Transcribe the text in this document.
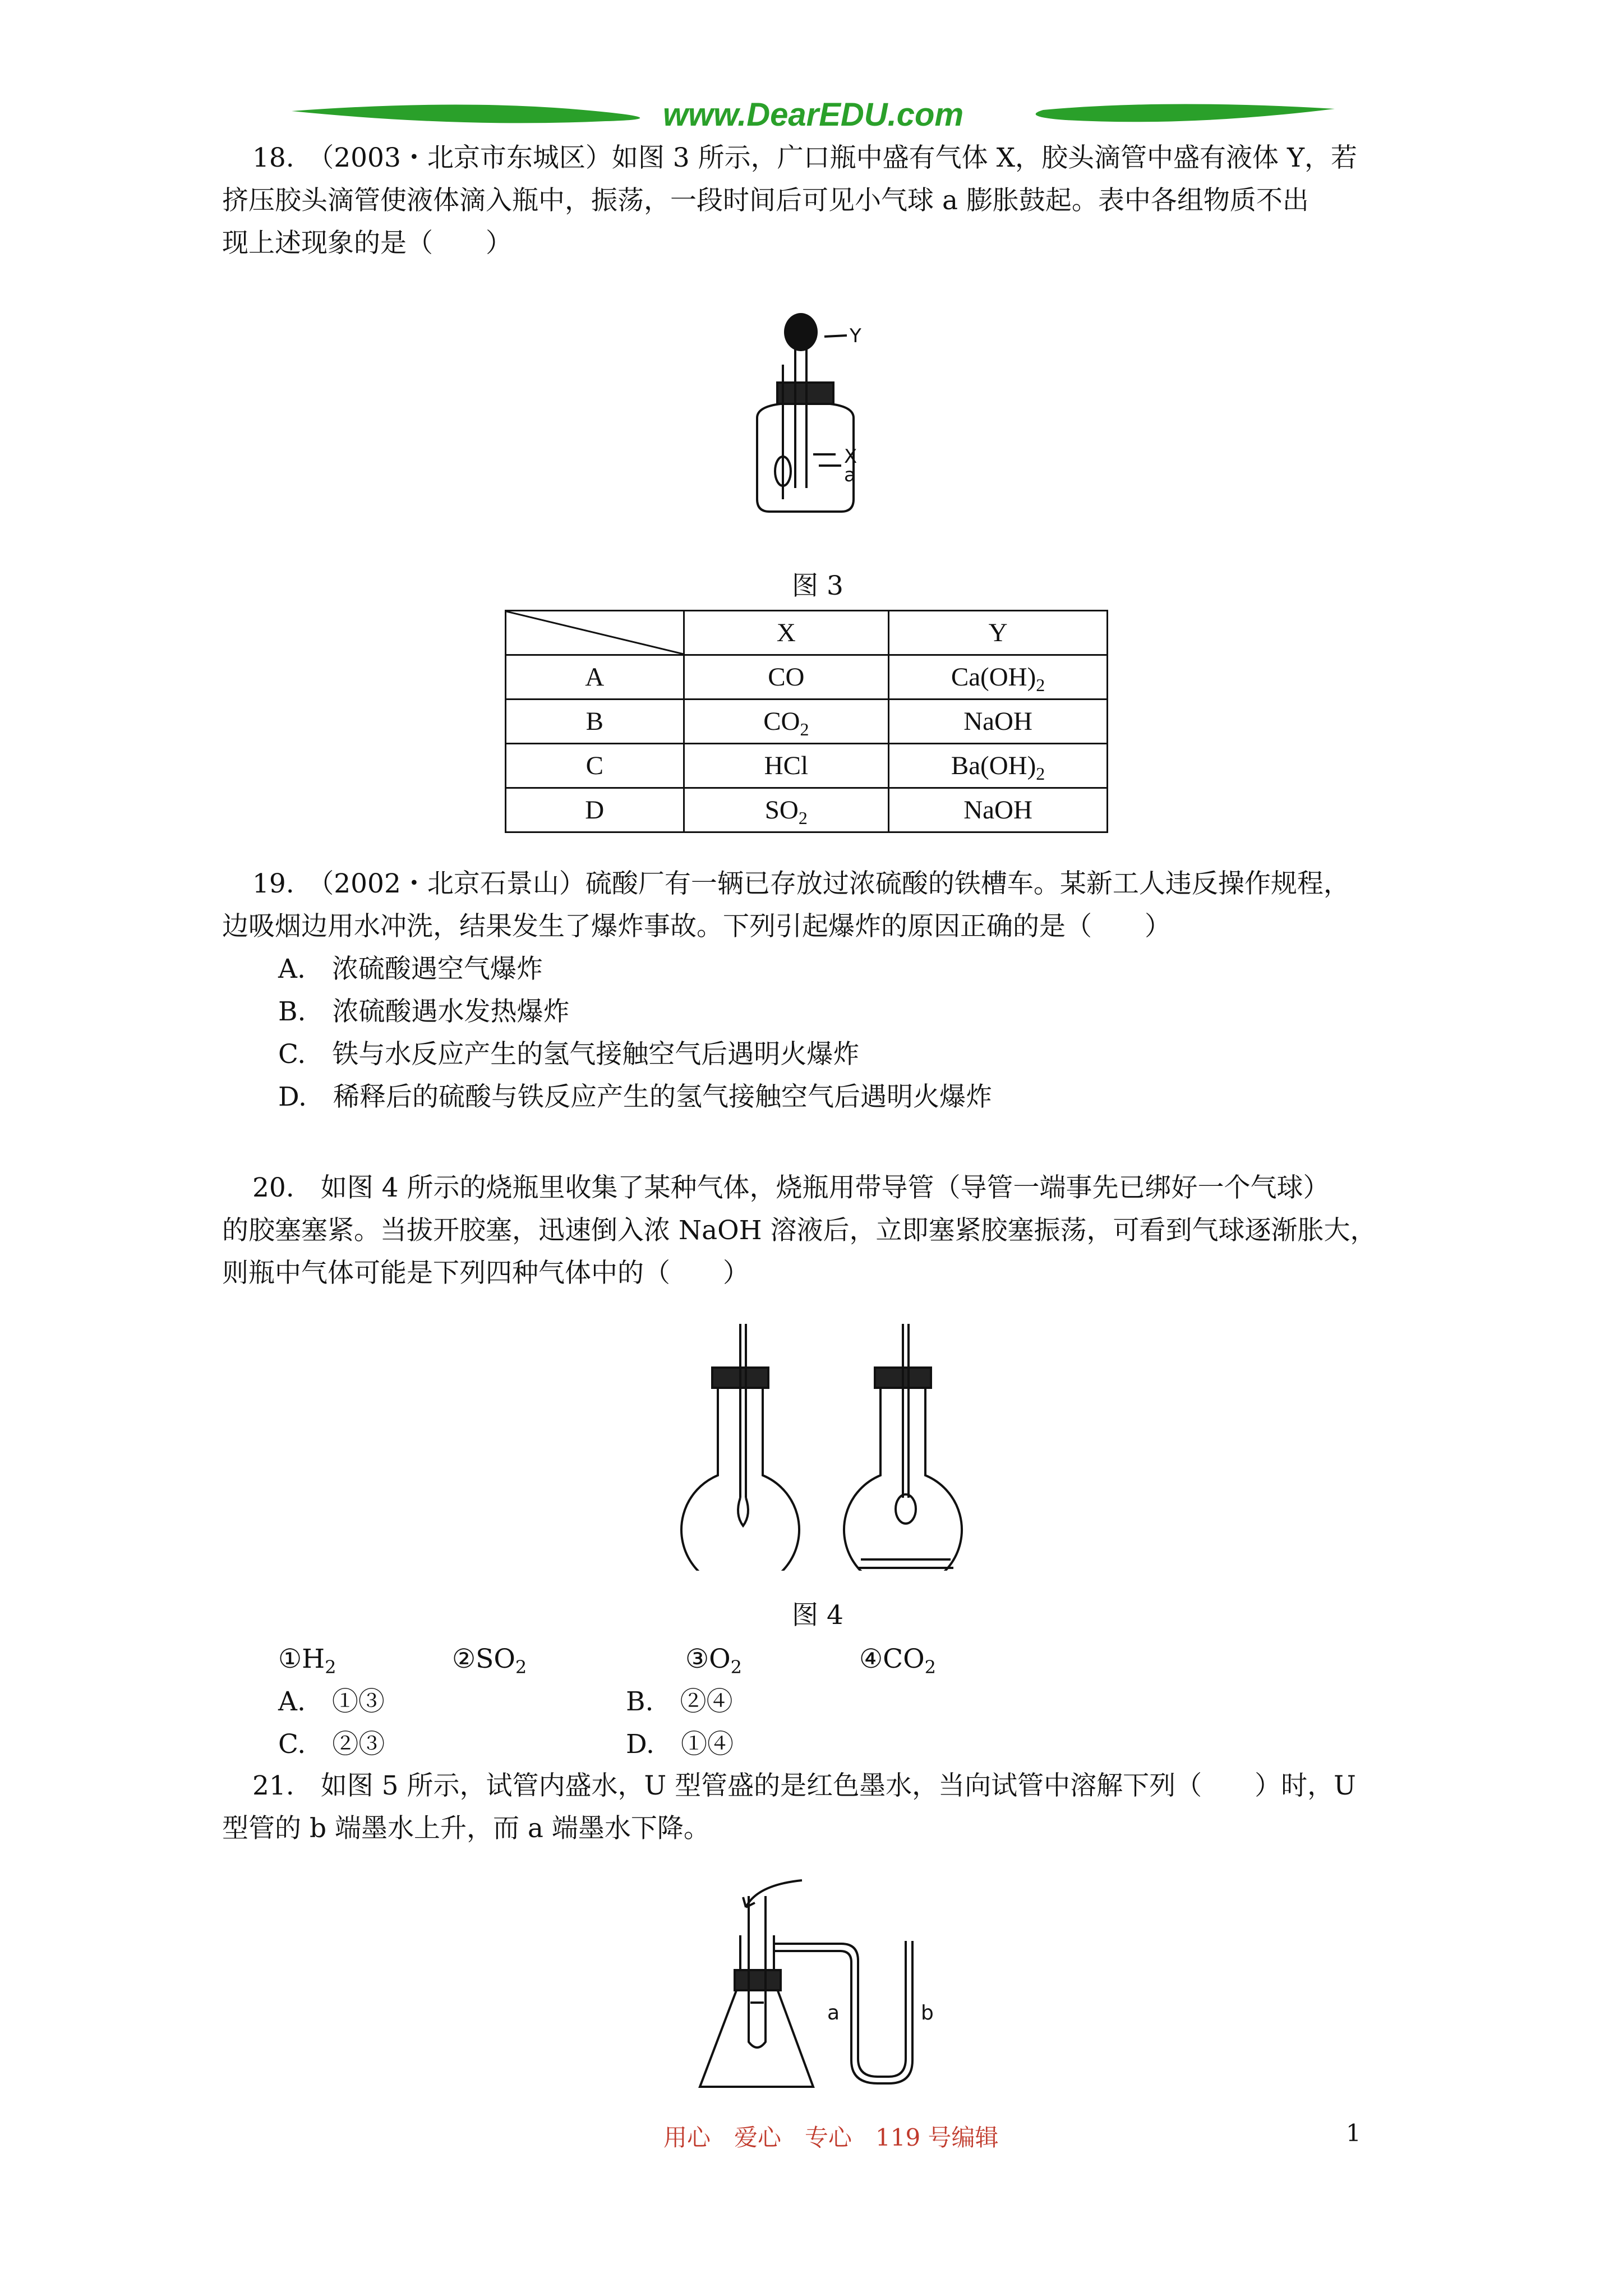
www.DearEDU.com
18.　（2003・北京市东城区）如图 3 所示，广口瓶中盛有气体 X，胶头滴管中盛有液体 Y，若
挤压胶头滴管使液体滴入瓶中，振荡，一段时间后可见小气球 a 膨胀鼓起。表中各组物质不出
现上述现象的是（　　）
Y
X
a
图 3
	X	Y
A	CO	$Ca(OH)_2$
B	$CO_2$	NaOH
C	HCl	$Ba(OH)_2$
D	$SO_2$	NaOH
19.　（2002・北京石景山）硫酸厂有一辆已存放过浓硫酸的铁槽车。某新工人违反操作规程，
边吸烟边用水冲洗，结果发生了爆炸事故。下列引起爆炸的原因正确的是（　　）
A.　浓硫酸遇空气爆炸
B.　浓硫酸遇水发热爆炸
C.　铁与水反应产生的氢气接触空气后遇明火爆炸
D.　稀释后的硫酸与铁反应产生的氢气接触空气后遇明火爆炸
20.　如图 4 所示的烧瓶里收集了某种气体，烧瓶用带导管（导管一端事先已绑好一个气球）
的胶塞塞紧。当拔开胶塞，迅速倒入浓 NaOH 溶液后，立即塞紧胶塞振荡，可看到气球逐渐胀大，
则瓶中气体可能是下列四种气体中的（　　）
图 4
$①H_2$	$②SO_2$	$③O_2$	$④CO_2$
A.　①③	B.　②④
C.　②③	D.　①④
21.　如图 5 所示，试管内盛水，U 型管盛的是红色墨水，当向试管中溶解下列（　　）时，U
型管的 b 端墨水上升，而 a 端墨水下降。
a	b
用心　爱心　专心　119 号编辑	1
